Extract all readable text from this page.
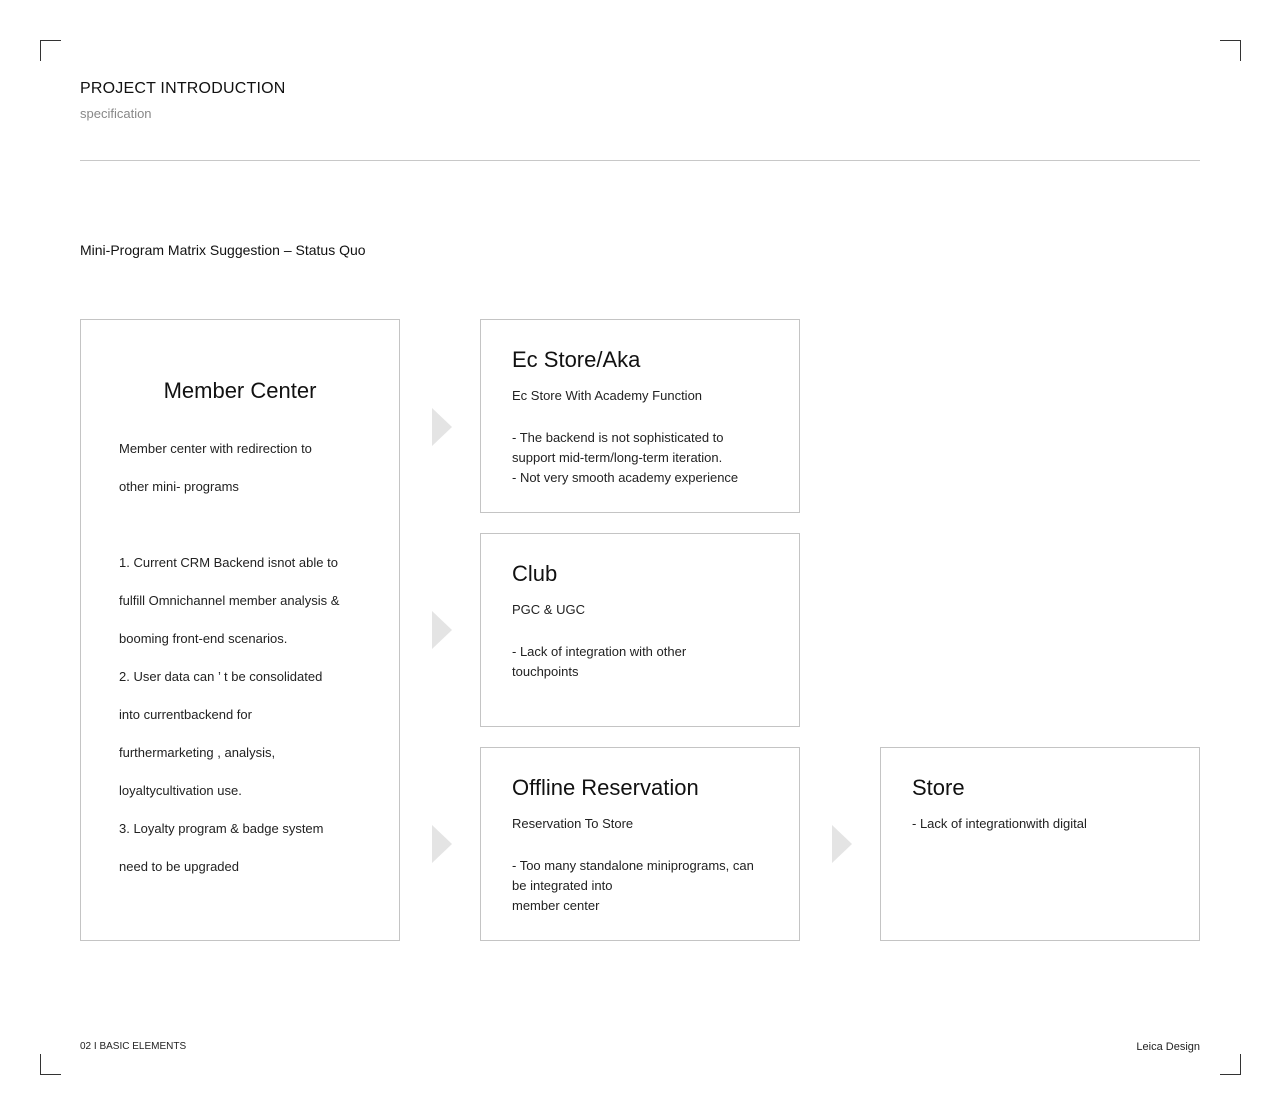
PROJECT INTRODUCTION
specification
Mini-Program Matrix Suggestion – Status Quo
Member Center
Member center with redirection to
other mini- programs
1. Current CRM Backend isnot able to
fulfill Omnichannel member analysis &
booming front-end scenarios.
2. User data can ’ t be consolidated
into currentbackend for
furthermarketing , analysis,
loyaltycultivation use.
3. Loyalty program & badge system
need to be upgraded
Ec Store/Aka
Ec Store With Academy Function
- The backend is not sophisticated to
support mid-term/long-term iteration.
- Not very smooth academy experience
Club
PGC & UGC
- Lack of integration with other
touchpoints
Offline Reservation
Reservation To Store
- Too many standalone miniprograms, can
be integrated into
member center
Store
- Lack of integrationwith digital
02 I BASIC ELEMENTS	Leica Design
